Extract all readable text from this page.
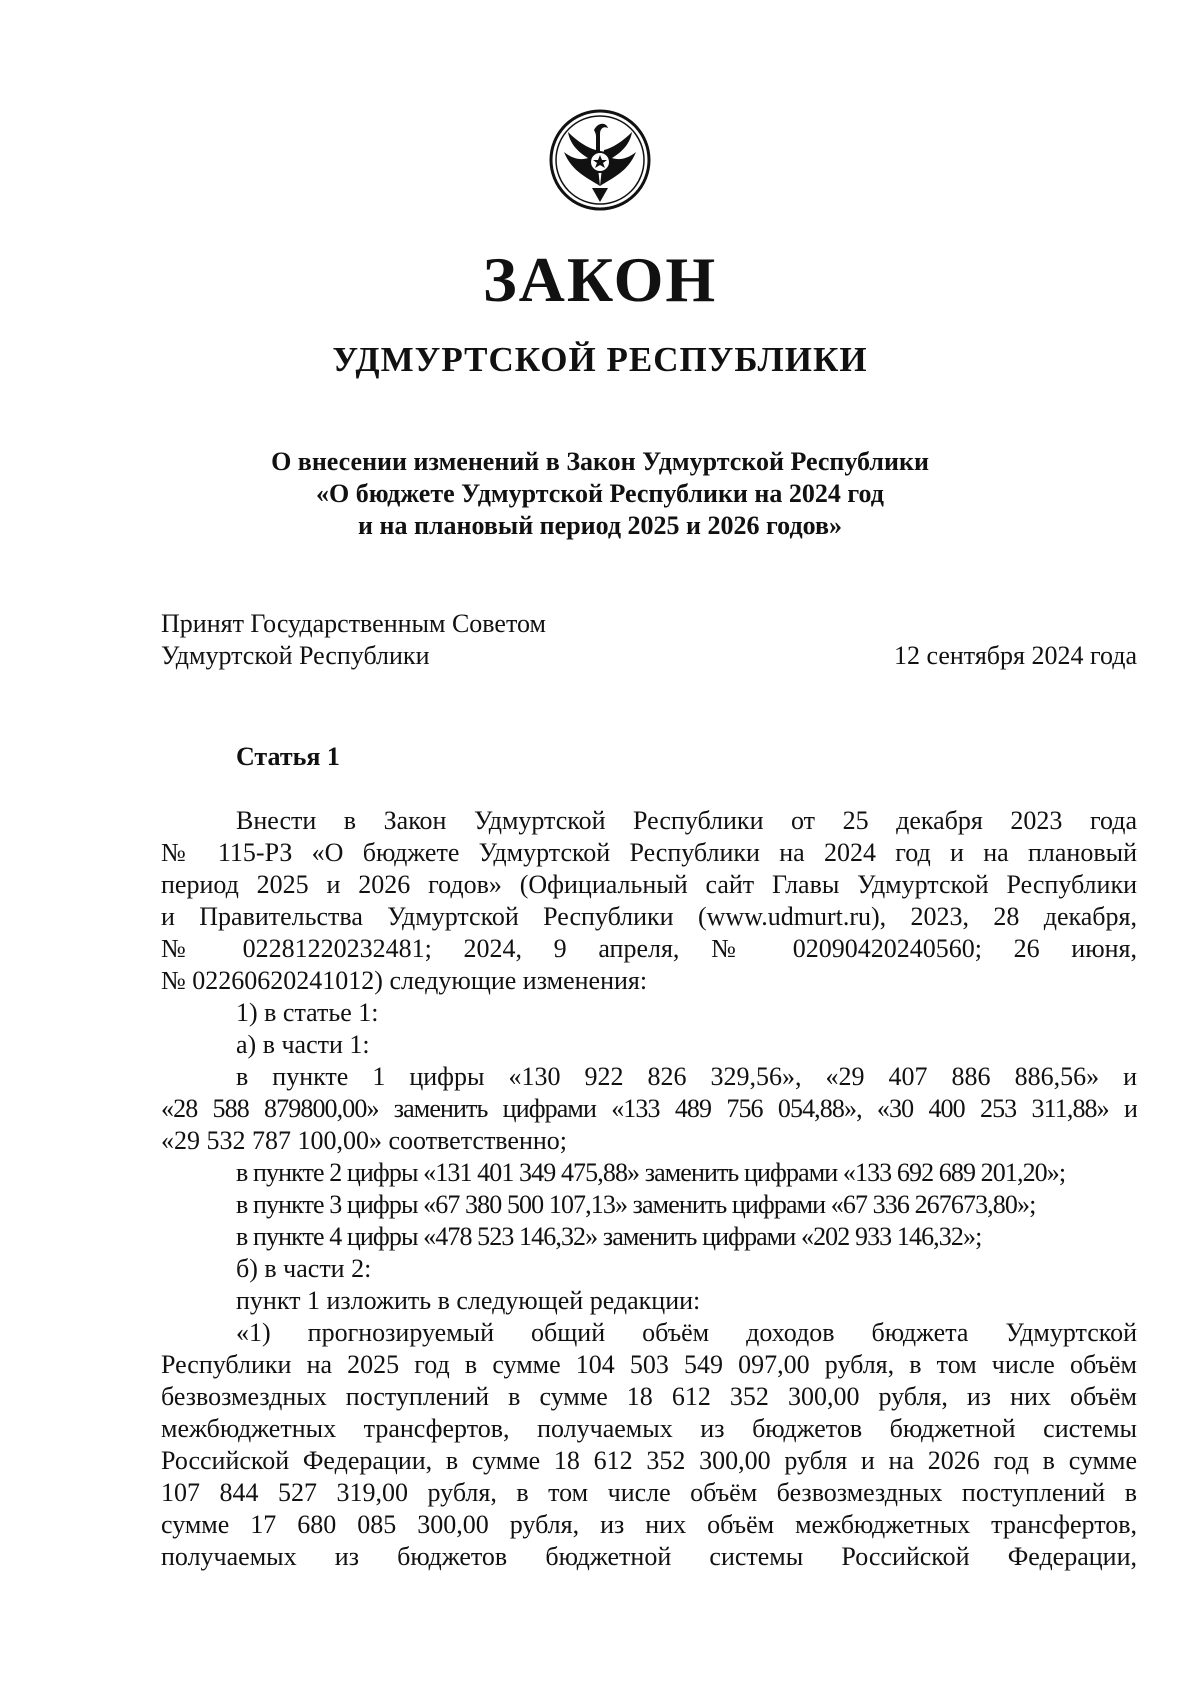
ЗАКОН
УДМУРТСКОЙ РЕСПУБЛИКИ
О внесении изменений в Закон Удмуртской Республики
«О бюджете Удмуртской Республики на 2024 год
и на плановый период 2025 и 2026 годов»
Принят Государственным Советом
Удмуртской Республики	12 сентября 2024 года
Статья 1
Внести в Закон Удмуртской Республики от 25 декабря 2023 года
№ 115-РЗ «О бюджете Удмуртской Республики на 2024 год и на плановый
период 2025 и 2026 годов» (Официальный сайт Главы Удмуртской Республики
и Правительства Удмуртской Республики (www.udmurt.ru), 2023, 28 декабря,
№ 02281220232481; 2024, 9 апреля, № 02090420240560; 26 июня,
№ 02260620241012) следующие изменения:
1) в статье 1:
а) в части 1:
в пункте 1 цифры «130 922 826 329,56», «29 407 886 886,56» и
«28 588 879800,00» заменить цифрами «133 489 756 054,88», «30 400 253 311,88» и
«29 532 787 100,00» соответственно;
в пункте 2 цифры «131 401 349 475,88» заменить цифрами «133 692 689 201,20»;
в пункте 3 цифры «67 380 500 107,13» заменить цифрами «67 336 267673,80»;
в пункте 4 цифры «478 523 146,32» заменить цифрами «202 933 146,32»;
б) в части 2:
пункт 1 изложить в следующей редакции:
«1) прогнозируемый общий объём доходов бюджета Удмуртской
Республики на 2025 год в сумме 104 503 549 097,00 рубля, в том числе объём
безвозмездных поступлений в сумме 18 612 352 300,00 рубля, из них объём
межбюджетных трансфертов, получаемых из бюджетов бюджетной системы
Российской Федерации, в сумме 18 612 352 300,00 рубля и на 2026 год в сумме
107 844 527 319,00 рубля, в том числе объём безвозмездных поступлений в
сумме 17 680 085 300,00 рубля, из них объём межбюджетных трансфертов,
получаемых из бюджетов бюджетной системы Российской Федерации,
